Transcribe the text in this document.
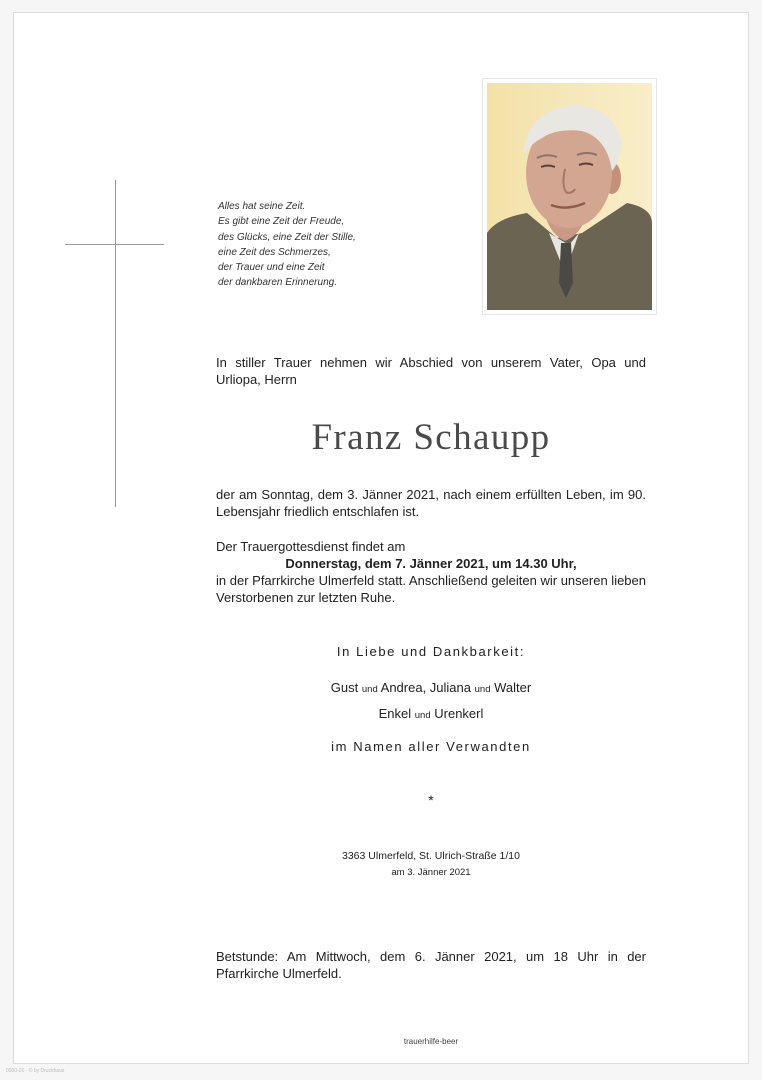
Alles hat seine Zeit.
Es gibt eine Zeit der Freude,
des Glücks, eine Zeit der Stille,
eine Zeit des Schmerzes,
der Trauer und eine Zeit
der dankbaren Erinnerung.
In stiller Trauer nehmen wir Abschied von unserem Vater, Opa und Urliopa, Herrn
Franz Schaupp
der am Sonntag, dem 3. Jänner 2021, nach einem erfüllten Leben, im 90. Lebensjahr friedlich entschlafen ist.
Der Trauergottesdienst findet am
Donnerstag, dem 7. Jänner 2021, um 14.30 Uhr,
in der Pfarrkirche Ulmerfeld statt. Anschließend geleiten wir unseren lieben Verstorbenen zur letzten Ruhe.
In Liebe und Dankbarkeit:
Gust und Andrea, Juliana und Walter
Enkel und Urenkerl
im Namen aller Verwandten
*
3363 Ulmerfeld, St. Ulrich-Straße 1/10
am 3. Jänner 2021
Betstunde: Am Mittwoch, dem 6. Jänner 2021, um 18 Uhr in der Pfarrkirche Ulmerfeld.
trauerhilfe-beer
0000-20 · © by Druckhaus
